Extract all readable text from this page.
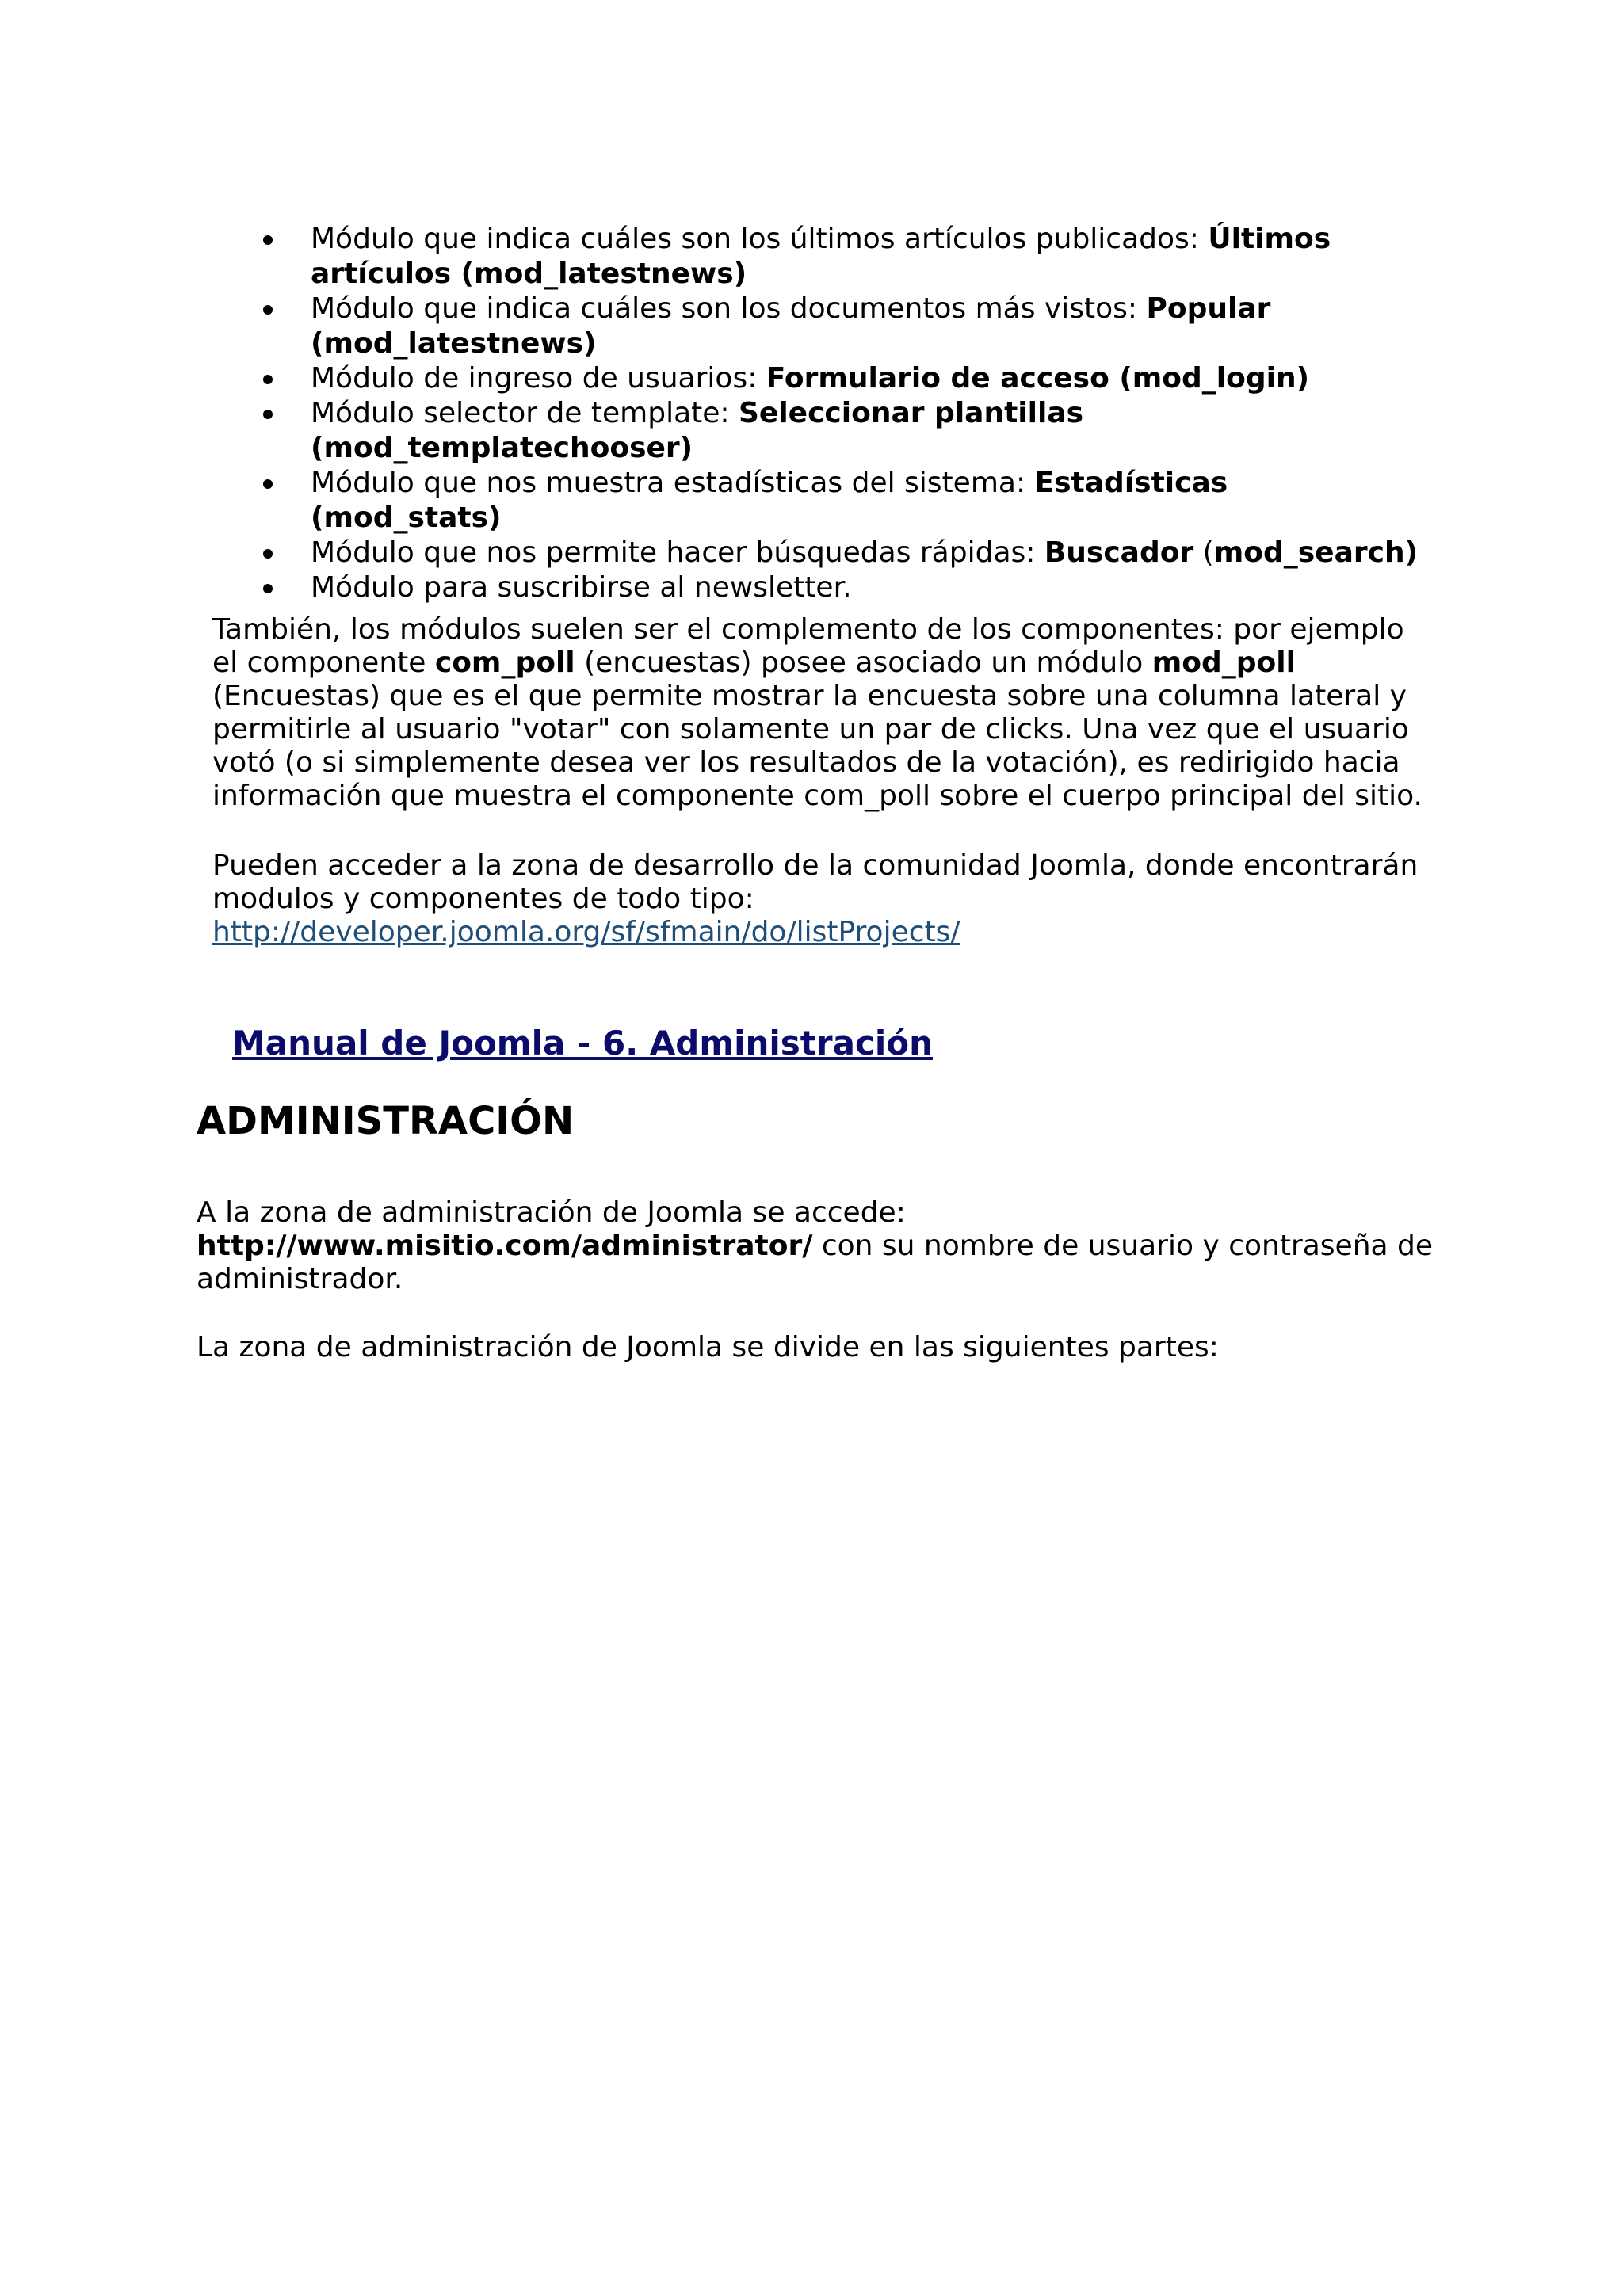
Módulo que indica cuáles son los últimos artículos publicados: Últimos artículos (mod_latestnews)
Módulo que indica cuáles son los documentos más vistos: Popular (mod_latestnews)
Módulo de ingreso de usuarios: Formulario de acceso (mod_login)
Módulo selector de template: Seleccionar plantillas (mod_templatechooser)
Módulo que nos muestra estadísticas del sistema: Estadísticas (mod_stats)
Módulo que nos permite hacer búsquedas rápidas: Buscador (mod_search)
Módulo para suscribirse al newsletter.

También, los módulos suelen ser el complemento de los componentes: por ejemplo el componente com_poll (encuestas) posee asociado un módulo mod_poll (Encuestas) que es el que permite mostrar la encuesta sobre una columna lateral y permitirle al usuario "votar" con solamente un par de clicks. Una vez que el usuario votó (o si simplemente desea ver los resultados de la votación), es redirigido hacia información que muestra el componente com_poll sobre el cuerpo principal del sitio.

Pueden acceder a la zona de desarrollo de la comunidad Joomla, donde encontrarán modulos y componentes de todo tipo:
http://developer.joomla.org/sf/sfmain/do/listProjects/

Manual de Joomla - 6. Administración

ADMINISTRACIÓN

A la zona de administración de Joomla se accede:
http://www.misitio.com/administrator/ con su nombre de usuario y contraseña de administrador.

La zona de administración de Joomla se divide en las siguientes partes:
